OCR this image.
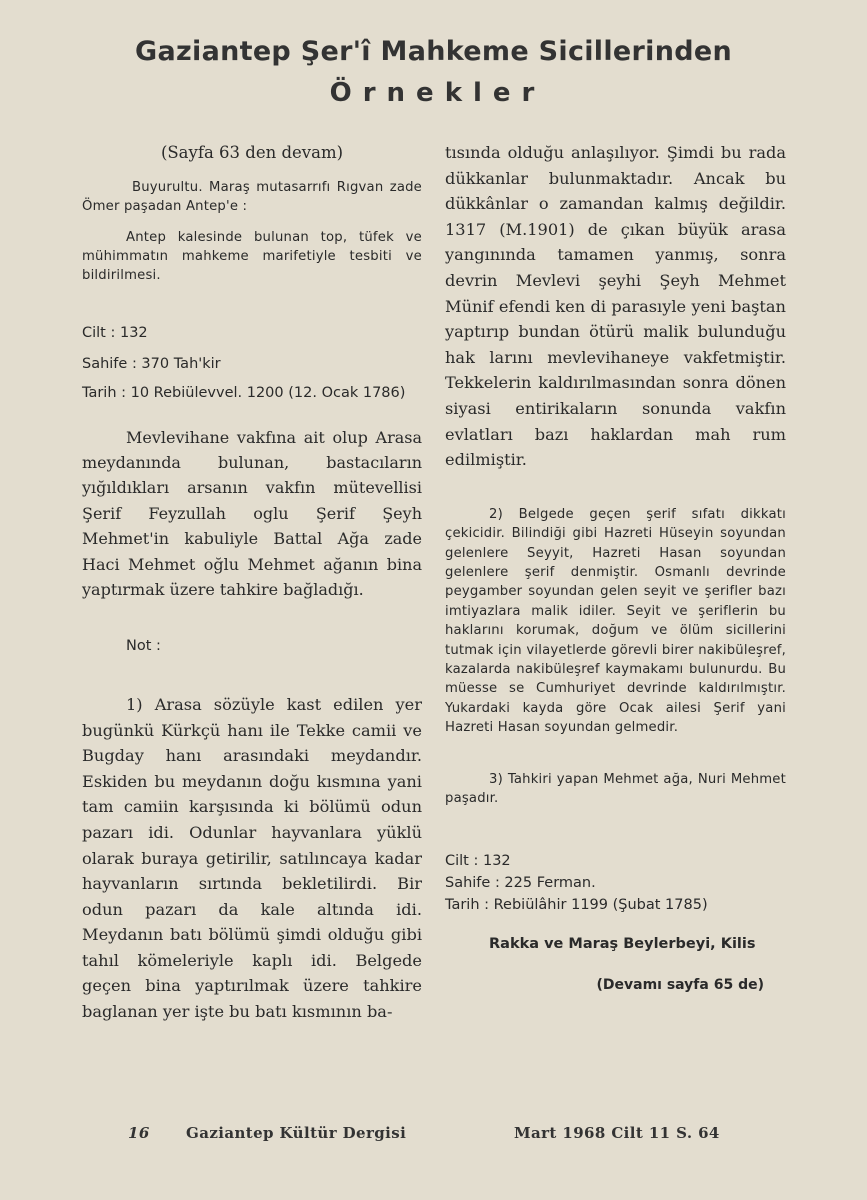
Gaziantep Şer'î Mahkeme Sicillerinden
Örnekler

(Sayfa 63 den devam)

Buyurultu. Maraş mutasarrıfı Rıgvan zade Ömer paşadan Antep'e :

Antep kalesinde bulunan top, tüfek ve mühimmatın mahkeme marifetiyle tesbiti ve bildirilmesi.

Cilt : 132

Sahife : 370 Tah'kir

Tarih : 10 Rebiülevvel. 1200 (12. Ocak 1786)

Mevlevihane vakfına ait olup Arasa meydanında bulunan, bastacıların yığıldıkları arsanın vakfın mütevellisi Şerif Feyzullah oglu Şerif Şeyh Mehmet'in kabuliyle Battal Ağa zade Haci Mehmet oğlu Mehmet ağanın bina yaptırmak üzere tahkire bağladığı.

Not :

1) Arasa sözüyle kast edilen yer bugünkü Kürkçü hanı ile Tekke camii ve Bugday hanı arasındaki meydandır. Eskiden bu meydanın doğu kısmına yani tam camiin karşısında ki bölümü odun pazarı idi. Odunlar hayvanlara yüklü olarak buraya getirilir, satılıncaya kadar hayvanların sırtında bekletilirdi. Bir odun pazarı da kale altında idi. Meydanın batı bölümü şimdi olduğu gibi tahıl kömeleriyle kaplı idi. Belgede geçen bina yaptırılmak üzere tahkire baglanan yer işte bu batı kısmının ba-

tısında olduğu anlaşılıyor. Şimdi bu rada dükkanlar bulunmaktadır. Ancak bu dükkânlar o zamandan kalmış değildir. 1317 (M.1901) de çıkan büyük arasa yangınında tamamen yanmış, sonra devrin Mevlevi şeyhi Şeyh Mehmet Münif efendi ken di parasıyle yeni baştan yaptırıp bundan ötürü malik bulunduğu hak larını mevlevihaneye vakfetmiştir. Tekkelerin kaldırılmasından sonra dönen siyasi entirikaların sonunda vakfın evlatları bazı haklardan mah rum edilmiştir.

2) Belgede geçen şerif sıfatı dikkatı çekicidir. Bilindiği gibi Hazreti Hüseyin soyundan gelenlere Seyyit, Hazreti Hasan soyundan gelenlere şerif denmiştir. Osmanlı devrinde peygamber soyundan gelen seyit ve şerifler bazı imtiyazlara malik idiler. Seyit ve şeriflerin bu haklarını korumak, doğum ve ölüm sicillerini tutmak için vilayetlerde görevli birer nakibüleşref, kazalarda nakibüleşref kaymakamı bulunurdu. Bu müesse se Cumhuriyet devrinde kaldırılmıştır. Yukardaki kayda göre Ocak ailesi Şerif yani Hazreti Hasan soyundan gelmedir.

3) Tahkiri yapan Mehmet ağa, Nuri Mehmet paşadır.

Cilt : 132

Sahife : 225 Ferman.

Tarih : Rebiülâhir 1199 (Şubat 1785)

Rakka ve Maraş Beylerbeyi, Kilis

(Devamı sayfa 65 de)

16 Gaziantep Kültür Dergisi	Mart 1968 Cilt 11 S. 64
